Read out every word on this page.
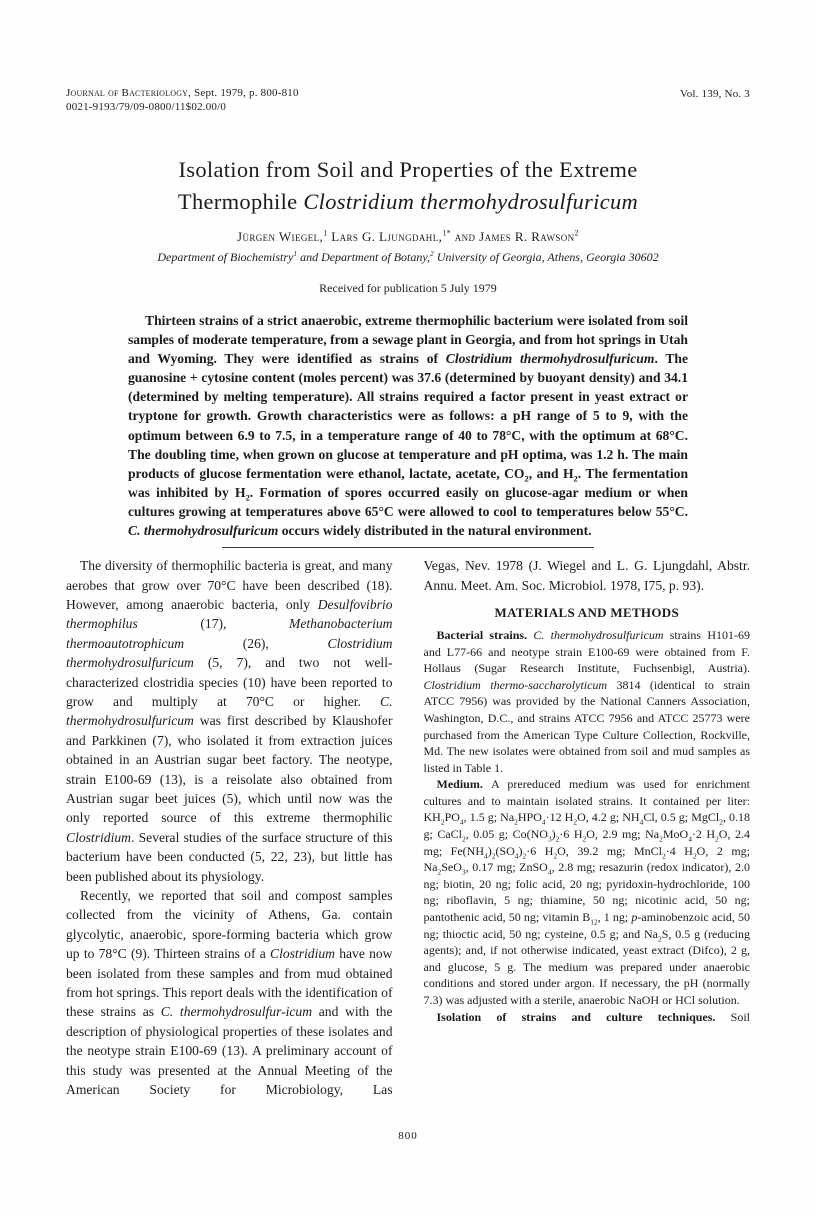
Journal of Bacteriology, Sept. 1979, p. 800-810
0021-9193/79/09-0800/11$02.00/0
Vol. 139, No. 3
Isolation from Soil and Properties of the Extreme
Thermophile Clostridium thermohydrosulfuricum
Jürgen Wiegel,$^1$ Lars G. Ljungdahl,$^{1*}$ and James R. Rawson$^2$
Department of Biochemistry$^1$ and Department of Botany,$^2$ University of Georgia, Athens, Georgia 30602
Received for publication 5 July 1979
Thirteen strains of a strict anaerobic, extreme thermophilic bacterium were isolated from soil samples of moderate temperature, from a sewage plant in Georgia, and from hot springs in Utah and Wyoming. They were identified as strains of Clostridium thermohydrosulfuricum. The guanosine + cytosine content (moles percent) was 37.6 (determined by buoyant density) and 34.1 (determined by melting temperature). All strains required a factor present in yeast extract or tryptone for growth. Growth characteristics were as follows: a pH range of 5 to 9, with the optimum between 6.9 to 7.5, in a temperature range of 40 to 78°C, with the optimum at 68°C. The doubling time, when grown on glucose at temperature and pH optima, was 1.2 h. The main products of glucose fermentation were ethanol, lactate, acetate, $CO_2$, and $H_2$. The fermentation was inhibited by $H_2$. Formation of spores occurred easily on glucose-agar medium or when cultures growing at temperatures above 65°C were allowed to cool to temperatures below 55°C. C. thermohydrosulfuricum occurs widely distributed in the natural environment.

The diversity of thermophilic bacteria is great, and many aerobes that grow over 70°C have been described (18). However, among anaerobic bacteria, only Desulfovibrio thermophilus (17), Methanobacterium thermoautotrophicum (26), Clostridium thermohydrosulfuricum (5, 7), and two not well-characterized clostridia species (10) have been reported to grow and multiply at 70°C or higher. C. thermohydrosulfuricum was first described by Klaushofer and Parkkinen (7), who isolated it from extraction juices obtained in an Austrian sugar beet factory. The neotype, strain E100-69 (13), is a reisolate also obtained from Austrian sugar beet juices (5), which until now was the only reported source of this extreme thermophilic Clostridium. Several studies of the surface structure of this bacterium have been conducted (5, 22, 23), but little has been published about its physiology.

Recently, we reported that soil and compost samples collected from the vicinity of Athens, Ga. contain glycolytic, anaerobic, spore-forming bacteria which grow up to 78°C (9). Thirteen strains of a Clostridium have now been isolated from these samples and from mud obtained from hot springs. This report deals with the identification of these strains as C. thermohydrosulfur-icum and with the description of physiological properties of these isolates and the neotype strain E100-69 (13). A preliminary account of this study was presented at the Annual Meeting of the American Society for Microbiology, Las

Vegas, Nev. 1978 (J. Wiegel and L. G. Ljungdahl, Abstr. Annu. Meet. Am. Soc. Microbiol. 1978, I75, p. 93).

MATERIALS AND METHODS

Bacterial strains. C. thermohydrosulfuricum strains H101-69 and L77-66 and neotype strain E100-69 were obtained from F. Hollaus (Sugar Research Institute, Fuchsenbigl, Austria). Clostridium thermo-saccharolyticum 3814 (identical to strain ATCC 7956) was provided by the National Canners Association, Washington, D.C., and strains ATCC 7956 and ATCC 25773 were purchased from the American Type Culture Collection, Rockville, Md. The new isolates were obtained from soil and mud samples as listed in Table 1.

Medium. A prereduced medium was used for enrichment cultures and to maintain isolated strains. It contained per liter: $KH_2PO_4$, 1.5 g; $Na_2HPO_4\cdot 12$ $H_2O$, 4.2 g; $NH_4Cl$, 0.5 g; MgCl$_2$, 0.18 g; CaCl$_2$, 0.05 g; $Co(NO_3)_2\cdot 6$ $H_2O$, 2.9 mg; $Na_2MoO_4\cdot 2$ $H_2O$, 2.4 mg; $Fe(NH_4)_2(SO_4)_2\cdot 6$ $H_2O$, 39.2 mg; MnCl$_2$·4 $H_2O$, 2 mg; $Na_2SeO_3$, 0.17 mg; ZnSO$_4$, 2.8 mg; resazurin (redox indicator), 2.0 ng; biotin, 20 ng; folic acid, 20 ng; pyridoxin-hydrochloride, 100 ng; riboflavin, 5 ng; thiamine, 50 ng; nicotinic acid, 50 ng; pantothenic acid, 50 ng; vitamin $B_{12}$, 1 ng; p-aminobenzoic acid, 50 ng; thioctic acid, 50 ng; cysteine, 0.5 g; and $Na_2S$, 0.5 g (reducing agents); and, if not otherwise indicated, yeast extract (Difco), 2 g, and glucose, 5 g. The medium was prepared under anaerobic conditions and stored under argon. If necessary, the pH (normally 7.3) was adjusted with a sterile, anaerobic NaOH or HCl solution.

Isolation of strains and culture techniques. Soil

800
